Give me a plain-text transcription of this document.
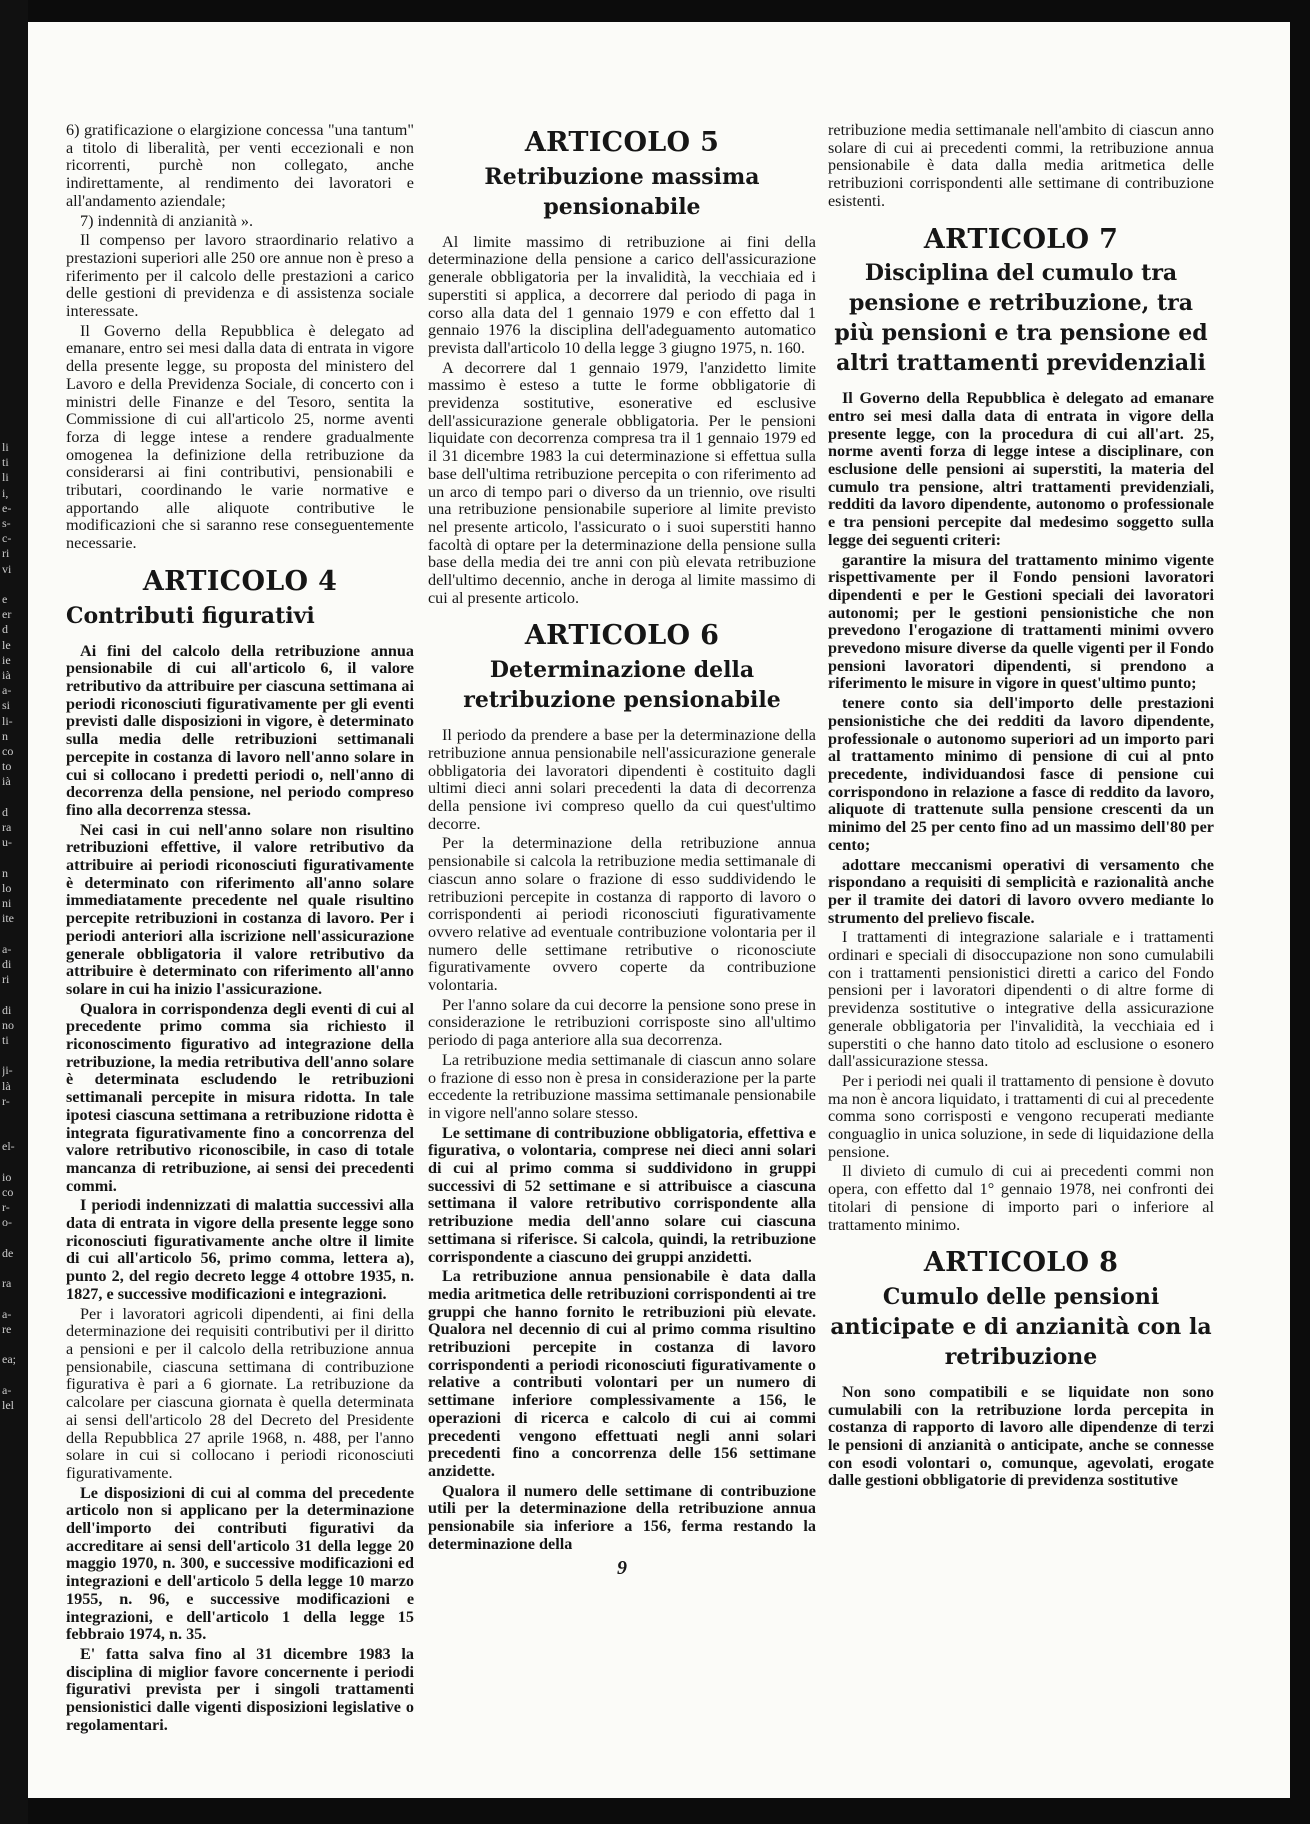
li
ti
li
i,
e-
s-
c-
ri
vi

e
er
d
le
ie
ià
a-
si
li-
n
co
to
ià

d
ra
u-

n
lo
ni
ite

a-
di
ri

di
no
ti

ji-
là
r-

el-

io
co
r-
o-

de

ra

a-
re

ea;

a-
lel

6) gratificazione o elargizione concessa "una tantum" a titolo di liberalità, per venti eccezionali e non ricorrenti, purchè non collegato, anche indirettamente, al rendimento dei lavoratori e all'andamento aziendale;

7) indennità di anzianità ».

Il compenso per lavoro straordinario relativo a prestazioni superiori alle 250 ore annue non è preso a riferimento per il calcolo delle prestazioni a carico delle gestioni di previdenza e di assistenza sociale interessate.

Il Governo della Repubblica è delegato ad emanare, entro sei mesi dalla data di entrata in vigore della presente legge, su proposta del ministero del Lavoro e della Previdenza Sociale, di concerto con i ministri delle Finanze e del Tesoro, sentita la Commissione di cui all'articolo 25, norme aventi forza di legge intese a rendere gradualmente omogenea la definizione della retribuzione da considerarsi ai fini contributivi, pensionabili e tributari, coordinando le varie normative e apportando alle aliquote contributive le modificazioni che si saranno rese conseguentemente necessarie.

ARTICOLO 4
Contributi figurativi

Ai fini del calcolo della retribuzione annua pensionabile di cui all'articolo 6, il valore retributivo da attribuire per ciascuna settimana ai periodi riconosciuti figurativamente per gli eventi previsti dalle disposizioni in vigore, è determinato sulla media delle retribuzioni settimanali percepite in costanza di lavoro nell'anno solare in cui si collocano i predetti periodi o, nell'anno di decorrenza della pensione, nel periodo compreso fino alla decorrenza stessa.

Nei casi in cui nell'anno solare non risultino retribuzioni effettive, il valore retributivo da attribuire ai periodi riconosciuti figurativamente è determinato con riferimento all'anno solare immediatamente precedente nel quale risultino percepite retribuzioni in costanza di lavoro. Per i periodi anteriori alla iscrizione nell'assicurazione generale obbligatoria il valore retributivo da attribuire è determinato con riferimento all'anno solare in cui ha inizio l'assicurazione.

Qualora in corrispondenza degli eventi di cui al precedente primo comma sia richiesto il riconoscimento figurativo ad integrazione della retribuzione, la media retributiva dell'anno solare è determinata escludendo le retribuzioni settimanali percepite in misura ridotta. In tale ipotesi ciascuna settimana a retribuzione ridotta è integrata figurativamente fino a concorrenza del valore retributivo riconoscibile, in caso di totale mancanza di retribuzione, ai sensi dei precedenti commi.

I periodi indennizzati di malattia successivi alla data di entrata in vigore della presente legge sono riconosciuti figurativamente anche oltre il limite di cui all'articolo 56, primo comma, lettera a), punto 2, del regio decreto legge 4 ottobre 1935, n. 1827, e successive modificazioni e integrazioni.

Per i lavoratori agricoli dipendenti, ai fini della determinazione dei requisiti contributivi per il diritto a pensioni e per il calcolo della retribuzione annua pensionabile, ciascuna settimana di contribuzione figurativa è pari a 6 giornate. La retribuzione da calcolare per ciascuna giornata è quella determinata ai sensi dell'articolo 28 del Decreto del Presidente della Repubblica 27 aprile 1968, n. 488, per l'anno solare in cui si collocano i periodi riconosciuti figurativamente.

Le disposizioni di cui al comma del precedente articolo non si applicano per la determinazione dell'importo dei contributi figurativi da accreditare ai sensi dell'articolo 31 della legge 20 maggio 1970, n. 300, e successive modificazioni ed integrazioni e dell'articolo 5 della legge 10 marzo 1955, n. 96, e successive modificazioni e integrazioni, e dell'articolo 1 della legge 15 febbraio 1974, n. 35.

E' fatta salva fino al 31 dicembre 1983 la disciplina di miglior favore concernente i periodi figurativi prevista per i singoli trattamenti pensionistici dalle vigenti disposizioni legislative o regolamentari.

ARTICOLO 5
Retribuzione massima pensionabile

Al limite massimo di retribuzione ai fini della determinazione della pensione a carico dell'assicurazione generale obbligatoria per la invalidità, la vecchiaia ed i superstiti si applica, a decorrere dal periodo di paga in corso alla data del 1 gennaio 1979 e con effetto dal 1 gennaio 1976 la disciplina dell'adeguamento automatico prevista dall'articolo 10 della legge 3 giugno 1975, n. 160.

A decorrere dal 1 gennaio 1979, l'anzidetto limite massimo è esteso a tutte le forme obbligatorie di previdenza sostitutive, esonerative ed esclusive dell'assicurazione generale obbligatoria. Per le pensioni liquidate con decorrenza compresa tra il 1 gennaio 1979 ed il 31 dicembre 1983 la cui determinazione si effettua sulla base dell'ultima retribuzione percepita o con riferimento ad un arco di tempo pari o diverso da un triennio, ove risulti una retribuzione pensionabile superiore al limite previsto nel presente articolo, l'assicurato o i suoi superstiti hanno facoltà di optare per la determinazione della pensione sulla base della media dei tre anni con più elevata retribuzione dell'ultimo decennio, anche in deroga al limite massimo di cui al presente articolo.

ARTICOLO 6
Determinazione della retribuzione pensionabile

Il periodo da prendere a base per la determinazione della retribuzione annua pensionabile nell'assicurazione generale obbligatoria dei lavoratori dipendenti è costituito dagli ultimi dieci anni solari precedenti la data di decorrenza della pensione ivi compreso quello da cui quest'ultimo decorre.

Per la determinazione della retribuzione annua pensionabile si calcola la retribuzione media settimanale di ciascun anno solare o frazione di esso suddividendo le retribuzioni percepite in costanza di rapporto di lavoro o corrispondenti ai periodi riconosciuti figurativamente ovvero relative ad eventuale contribuzione volontaria per il numero delle settimane retributive o riconosciute figurativamente ovvero coperte da contribuzione volontaria.

Per l'anno solare da cui decorre la pensione sono prese in considerazione le retribuzioni corrisposte sino all'ultimo periodo di paga anteriore alla sua decorrenza.

La retribuzione media settimanale di ciascun anno solare o frazione di esso non è presa in considerazione per la parte eccedente la retribuzione massima settimanale pensionabile in vigore nell'anno solare stesso.

Le settimane di contribuzione obbligatoria, effettiva e figurativa, o volontaria, comprese nei dieci anni solari di cui al primo comma si suddividono in gruppi successivi di 52 settimane e si attribuisce a ciascuna settimana il valore retributivo corrispondente alla retribuzione media dell'anno solare cui ciascuna settimana si riferisce. Si calcola, quindi, la retribuzione corrispondente a ciascuno dei gruppi anzidetti.

La retribuzione annua pensionabile è data dalla media aritmetica delle retribuzioni corrispondenti ai tre gruppi che hanno fornito le retribuzioni più elevate. Qualora nel decennio di cui al primo comma risultino retribuzioni percepite in costanza di lavoro corrispondenti a periodi riconosciuti figurativamente o relative a contributi volontari per un numero di settimane inferiore complessivamente a 156, le operazioni di ricerca e calcolo di cui ai commi precedenti vengono effettuati negli anni solari precedenti fino a concorrenza delle 156 settimane anzidette.

Qualora il numero delle settimane di contribuzione utili per la determinazione della retribuzione annua pensionabile sia inferiore a 156, ferma restando la determinazione della

9

retribuzione media settimanale nell'ambito di ciascun anno solare di cui ai precedenti commi, la retribuzione annua pensionabile è data dalla media aritmetica delle retribuzioni corrispondenti alle settimane di contribuzione esistenti.

ARTICOLO 7
Disciplina del cumulo tra pensione e retribuzione, tra più pensioni e tra pensione ed altri trattamenti previdenziali

Il Governo della Repubblica è delegato ad emanare entro sei mesi dalla data di entrata in vigore della presente legge, con la procedura di cui all'art. 25, norme aventi forza di legge intese a disciplinare, con esclusione delle pensioni ai superstiti, la materia del cumulo tra pensione, altri trattamenti previdenziali, redditi da lavoro dipendente, autonomo o professionale e tra pensioni percepite dal medesimo soggetto sulla legge dei seguenti criteri:

garantire la misura del trattamento minimo vigente rispettivamente per il Fondo pensioni lavoratori dipendenti e per le Gestioni speciali dei lavoratori autonomi; per le gestioni pensionistiche che non prevedono l'erogazione di trattamenti minimi ovvero prevedono misure diverse da quelle vigenti per il Fondo pensioni lavoratori dipendenti, si prendono a riferimento le misure in vigore in quest'ultimo punto;

tenere conto sia dell'importo delle prestazioni pensionistiche che dei redditi da lavoro dipendente, professionale o autonomo superiori ad un importo pari al trattamento minimo di pensione di cui al pnto precedente, individuandosi fasce di pensione cui corrispondono in relazione a fasce di reddito da lavoro, aliquote di trattenute sulla pensione crescenti da un minimo del 25 per cento fino ad un massimo dell'80 per cento;

adottare meccanismi operativi di versamento che rispondano a requisiti di semplicità e razionalità anche per il tramite dei datori di lavoro ovvero mediante lo strumento del prelievo fiscale.

I trattamenti di integrazione salariale e i trattamenti ordinari e speciali di disoccupazione non sono cumulabili con i trattamenti pensionistici diretti a carico del Fondo pensioni per i lavoratori dipendenti o di altre forme di previdenza sostitutive o integrative della assicurazione generale obbligatoria per l'invalidità, la vecchiaia ed i superstiti o che hanno dato titolo ad esclusione o esonero dall'assicurazione stessa.

Per i periodi nei quali il trattamento di pensione è dovuto ma non è ancora liquidato, i trattamenti di cui al precedente comma sono corrisposti e vengono recuperati mediante conguaglio in unica soluzione, in sede di liquidazione della pensione.

Il divieto di cumulo di cui ai precedenti commi non opera, con effetto dal 1° gennaio 1978, nei confronti dei titolari di pensione di importo pari o inferiore al trattamento minimo.

ARTICOLO 8
Cumulo delle pensioni anticipate e di anzianità con la retribuzione

Non sono compatibili e se liquidate non sono cumulabili con la retribuzione lorda percepita in costanza di rapporto di lavoro alle dipendenze di terzi le pensioni di anzianità o anticipate, anche se connesse con esodi volontari o, comunque, agevolati, erogate dalle gestioni obbligatorie di previdenza sostitutive
